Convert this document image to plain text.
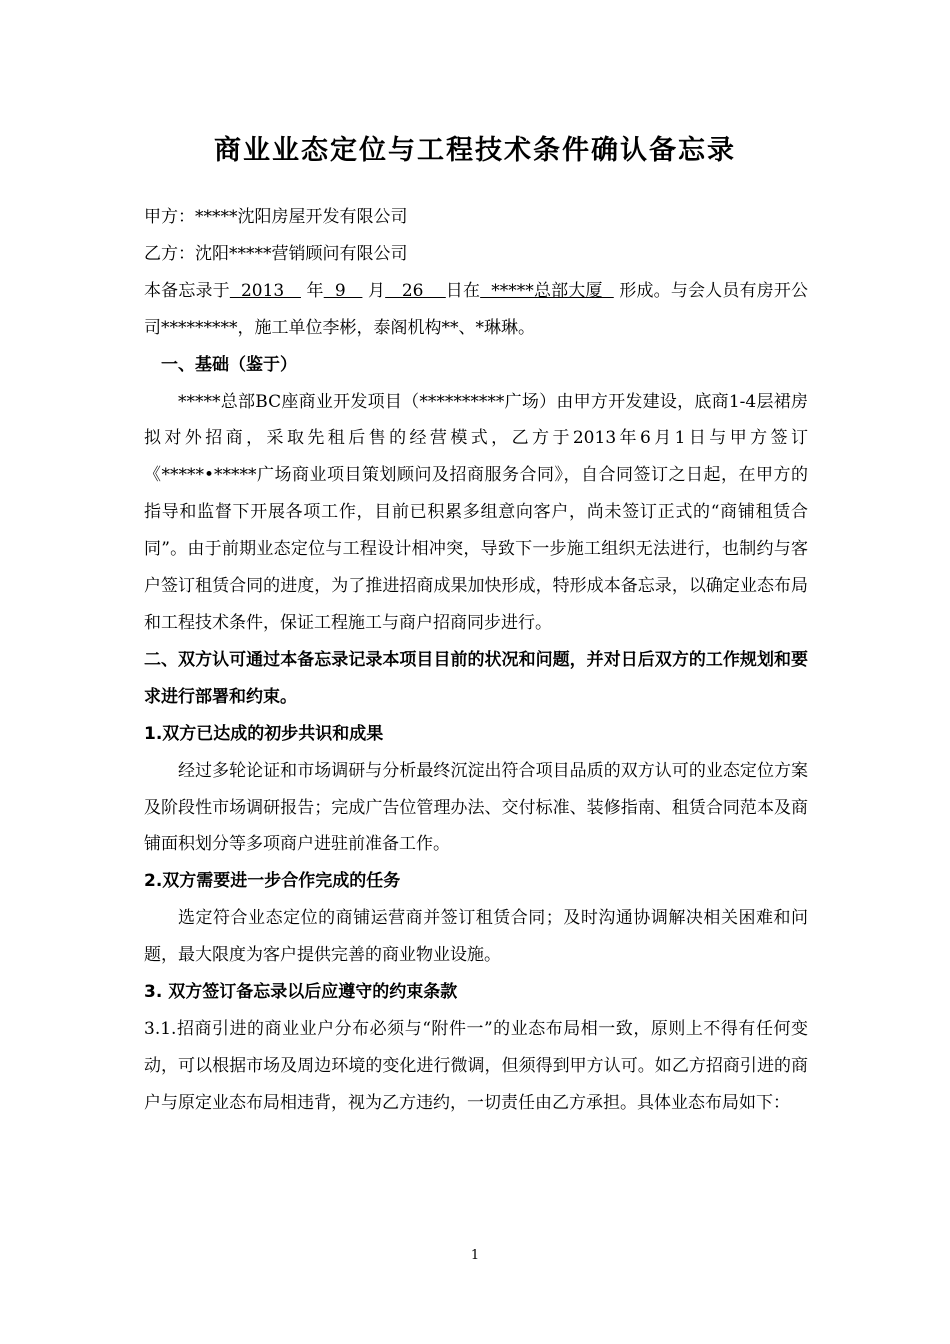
商业业态定位与工程技术条件确认备忘录

甲方：*****沈阳房屋开发有限公司

乙方：沈阳*****营销顾问有限公司

本备忘录于  2013    年  9    月   26    日在  *****总部大厦   形成。与会人员有房开公司*********，施工单位李彬，泰阁机构**、*琳琳。

一、基础（鉴于）

*****总部BC座商业开发项目（**********广场）由甲方开发建设，底商1-4层裙房拟对外招商，采取先租后售的经营模式，乙方于2013年6月1日与甲方签订《*****•*****广场商业项目策划顾问及招商服务合同》，自合同签订之日起，在甲方的指导和监督下开展各项工作，目前已积累多组意向客户，尚未签订正式的“商铺租赁合同”。由于前期业态定位与工程设计相冲突，导致下一步施工组织无法进行，也制约与客户签订租赁合同的进度，为了推进招商成果加快形成，特形成本备忘录，以确定业态布局和工程技术条件，保证工程施工与商户招商同步进行。

二、双方认可通过本备忘录记录本项目目前的状况和问题，并对日后双方的工作规划和要求进行部署和约束。

1.双方已达成的初步共识和成果

经过多轮论证和市场调研与分析最终沉淀出符合项目品质的双方认可的业态定位方案及阶段性市场调研报告；完成广告位管理办法、交付标准、装修指南、租赁合同范本及商铺面积划分等多项商户进驻前准备工作。

2.双方需要进一步合作完成的任务

选定符合业态定位的商铺运营商并签订租赁合同；及时沟通协调解决相关困难和问题，最大限度为客户提供完善的商业物业设施。

3. 双方签订备忘录以后应遵守的约束条款

3.1.招商引进的商业业户分布必须与“附件一”的业态布局相一致，原则上不得有任何变动，可以根据市场及周边环境的变化进行微调，但须得到甲方认可。如乙方招商引进的商户与原定业态布局相违背，视为乙方违约，一切责任由乙方承担。具体业态布局如下：

1
